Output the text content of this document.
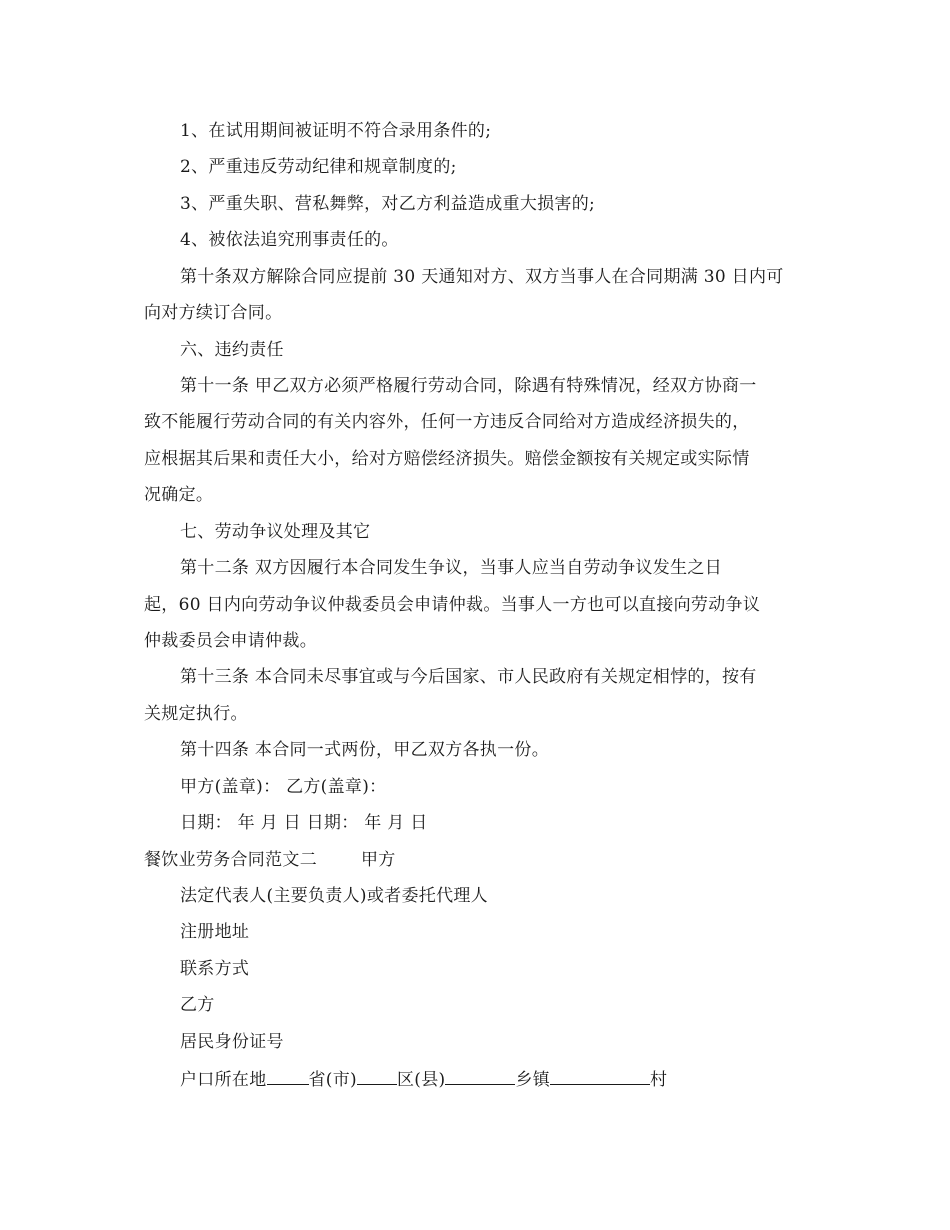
1、在试用期间被证明不符合录用条件的;
2、严重违反劳动纪律和规章制度的;
3、严重失职、营私舞弊，对乙方利益造成重大损害的;
4、被依法追究刑事责任的。
第十条双方解除合同应提前 30 天通知对方、双方当事人在合同期满 30 日内可
向对方续订合同。
六、违约责任
第十一条 甲乙双方必须严格履行劳动合同，除遇有特殊情况，经双方协商一
致不能履行劳动合同的有关内容外，任何一方违反合同给对方造成经济损失的，
应根据其后果和责任大小，给对方赔偿经济损失。赔偿金额按有关规定或实际情
况确定。
七、劳动争议处理及其它
第十二条 双方因履行本合同发生争议，当事人应当自劳动争议发生之日
起，60 日内向劳动争议仲裁委员会申请仲裁。当事人一方也可以直接向劳动争议
仲裁委员会申请仲裁。
第十三条 本合同未尽事宜或与今后国家、市人民政府有关规定相悖的，按有
关规定执行。
第十四条 本合同一式两份，甲乙双方各执一份。
甲方(盖章)： 乙方(盖章)：
日期： 年 月 日 日期： 年 月 日
餐饮业劳务合同范文二	甲方
法定代表人(主要负责人)或者委托代理人
注册地址
联系方式
乙方
居民身份证号
户口所在地 省(市) 区(县)	乡镇	村
